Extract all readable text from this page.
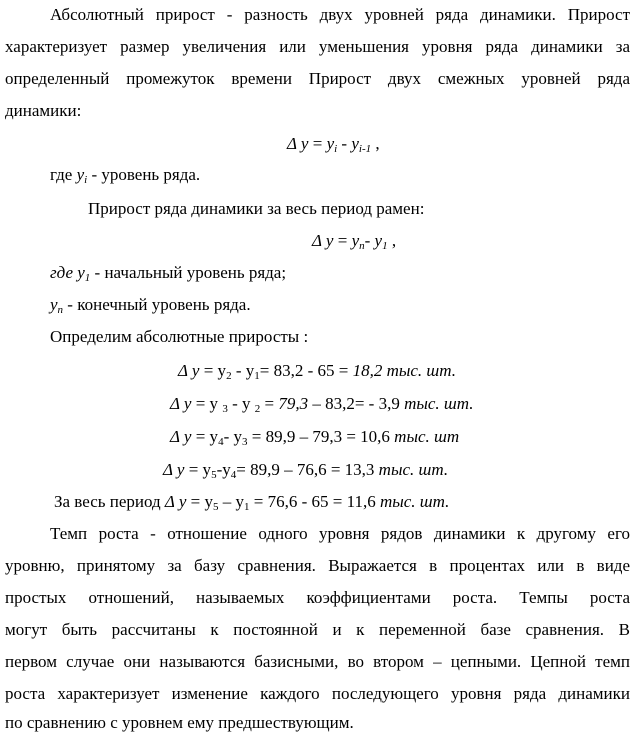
Абсолютный прирост - разность двух уровней ряда динамики. Прирост
характеризует размер увеличения или уменьшения уровня ряда динамики за
определенный промежуток времени Прирост двух смежных уровней ряда
динамики:
Δ $у = у_i - у_{i-1}$ ,
где $у_i$ - уровень ряда.
Прирост ряда динамики за весь период рамен:
Δ $у = у_n-$ $у_1$ ,
где $у_1$ - начальный уровень ряда;
$у_n$ - конечный уровень ряда.
Определим абсолютные приросты :
Δ $у = у_2 - у_1= 83,2 - 65 = 18,2$ тыс. шт.
Δ у = у $_3$ - у $_2$ = 79,3 – 83,2= - 3,9 тыс. шт.
Δ $у = у_4-$ $у_3 = 89,9 - 79,3 = 10,6$ тыс. шт
Δ $у = у_5-у_4= 89,9 - 76,6 = 13,3$ тыс. шт.
За весь период Δ $у = у_5 - у_1 = 76,6 - 65 = 11,6$ тыс. шт.
Темп роста - отношение одного уровня рядов динамики к другому его
уровню, принятому за базу сравнения. Выражается в процентах или в виде
простых отношений, называемых коэффициентами роста. Темпы роста
могут быть рассчитаны к постоянной и к переменной базе сравнения. В
первом случае они называются базисными, во втором – цепными. Цепной темп
роста характеризует изменение каждого последующего уровня ряда динамики
по сравнению с уровнем ему предшествующим.
